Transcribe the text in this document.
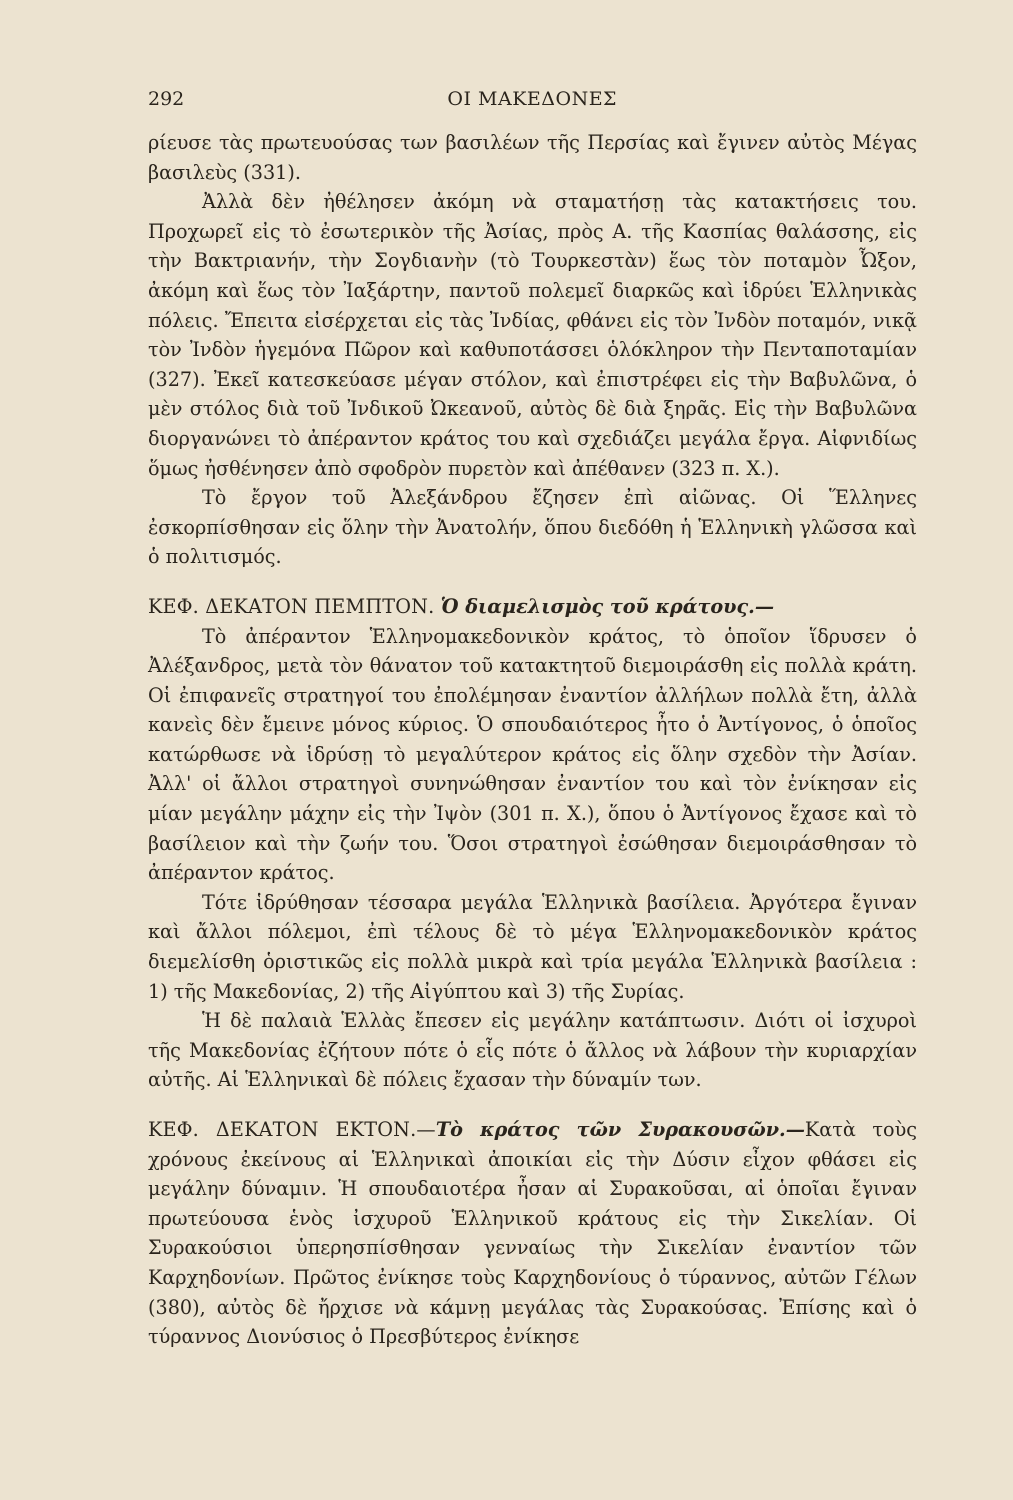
292	ΟΙ ΜΑΚΕΔΟΝΕΣ

ρίευσε τὰς πρωτευούσας των βασιλέων τῆς Περσίας καὶ ἔγινεν αὐτὸς Μέγας βασιλεὺς (331).

Ἀλλὰ δὲν ἠθέλησεν ἀκόμη νὰ σταματήσῃ τὰς κατακτήσεις του. Προχωρεῖ εἰς τὸ ἐσωτερικὸν τῆς Ἀσίας, πρὸς Α. τῆς Κασπίας θαλάσσης, εἰς τὴν Βακτριανήν, τὴν Σογδιανὴν (τὸ Τουρκεστὰν) ἕως τὸν ποταμὸν Ὦξον, ἀκόμη καὶ ἕως τὸν Ἰαξάρτην, παντοῦ πολεμεῖ διαρκῶς καὶ ἱδρύει Ἑλληνικὰς πόλεις. Ἔπειτα εἰσέρχεται εἰς τὰς Ἰνδίας, φθάνει εἰς τὸν Ἰνδὸν ποταμόν, νικᾷ τὸν Ἰνδὸν ἡγεμόνα Πῶρον καὶ καθυποτάσσει ὁλόκληρον τὴν Πενταποταμίαν (327). Ἐκεῖ κατεσκεύασε μέγαν στόλον, καὶ ἐπιστρέφει εἰς τὴν Βαβυλῶνα, ὁ μὲν στόλος διὰ τοῦ Ἰνδικοῦ Ὠκεανοῦ, αὐτὸς δὲ διὰ ξηρᾶς. Εἰς τὴν Βαβυλῶνα διοργανώνει τὸ ἀπέραντον κράτος του καὶ σχεδιάζει μεγάλα ἔργα. Αἰφνιδίως ὅμως ἠσθένησεν ἀπὸ σφοδρὸν πυρετὸν καὶ ἀπέθανεν (323 π. Χ.).

Τὸ ἔργον τοῦ Ἀλεξάνδρου ἔζησεν ἐπὶ αἰῶνας. Οἱ Ἕλληνες ἐσκορπίσθησαν εἰς ὅλην τὴν Ἀνατολήν, ὅπου διεδόθη ἡ Ἑλληνικὴ γλῶσσα καὶ ὁ πολιτισμός.

ΚΕΦ. ΔΕΚΑΤΟΝ ΠΕΜΠΤΟΝ. Ὁ διαμελισμὸς τοῦ κράτους.—

Τὸ ἀπέραντον Ἑλληνομακεδονικὸν κράτος, τὸ ὁποῖον ἵδρυσεν ὁ Ἀλέξανδρος, μετὰ τὸν θάνατον τοῦ κατακτητοῦ διεμοιράσθη εἰς πολλὰ κράτη. Οἱ ἐπιφανεῖς στρατηγοί του ἐπολέμησαν ἐναντίον ἀλλήλων πολλὰ ἔτη, ἀλλὰ κανεὶς δὲν ἔμεινε μόνος κύριος. Ὁ σπουδαιότερος ἦτο ὁ Ἀντίγονος, ὁ ὁποῖος κατώρθωσε νὰ ἱδρύσῃ τὸ μεγαλύτερον κράτος εἰς ὅλην σχεδὸν τὴν Ἀσίαν. Ἀλλ' οἱ ἄλλοι στρατηγοὶ συνηνώθησαν ἐναντίον του καὶ τὸν ἐνίκησαν εἰς μίαν μεγάλην μάχην εἰς τὴν Ἰψὸν (301 π. Χ.), ὅπου ὁ Ἀντίγονος ἔχασε καὶ τὸ βασίλειον καὶ τὴν ζωήν του. Ὅσοι στρατηγοὶ ἐσώθησαν διεμοιράσθησαν τὸ ἀπέραντον κράτος.

Τότε ἱδρύθησαν τέσσαρα μεγάλα Ἑλληνικὰ βασίλεια. Ἀργότερα ἔγιναν καὶ ἄλλοι πόλεμοι, ἐπὶ τέλους δὲ τὸ μέγα Ἑλληνομακεδονικὸν κράτος διεμελίσθη ὁριστικῶς εἰς πολλὰ μικρὰ καὶ τρία μεγάλα Ἑλληνικὰ βασίλεια : 1) τῆς Μακεδονίας, 2) τῆς Αἰγύπτου καὶ 3) τῆς Συρίας.

Ἡ δὲ παλαιὰ Ἑλλὰς ἔπεσεν εἰς μεγάλην κατάπτωσιν. Διότι οἱ ἰσχυροὶ τῆς Μακεδονίας ἐζήτουν πότε ὁ εἷς πότε ὁ ἄλλος νὰ λάβουν τὴν κυριαρχίαν αὐτῆς. Αἱ Ἑλληνικαὶ δὲ πόλεις ἔχασαν τὴν δύναμίν των.

ΚΕΦ. ΔΕΚΑΤΟΝ ΕΚΤΟΝ.—Τὸ κράτος τῶν Συρακουσῶν.—Κατὰ τοὺς χρόνους ἐκείνους αἱ Ἑλληνικαὶ ἀποικίαι εἰς τὴν Δύσιν εἶχον φθάσει εἰς μεγάλην δύναμιν. Ἡ σπουδαιοτέρα ἦσαν αἱ Συρακοῦσαι, αἱ ὁποῖαι ἔγιναν πρωτεύουσα ἑνὸς ἰσχυροῦ Ἑλληνικοῦ κράτους εἰς τὴν Σικελίαν. Οἱ Συρακούσιοι ὑπερησπίσθησαν γενναίως τὴν Σικελίαν ἐναντίον τῶν Καρχηδονίων. Πρῶτος ἐνίκησε τοὺς Καρχηδονίους ὁ τύραννος, αὐτῶν Γέλων (380), αὐτὸς δὲ ἤρχισε νὰ κάμνῃ μεγάλας τὰς Συρακούσας. Ἐπίσης καὶ ὁ τύραννος Διονύσιος ὁ Πρεσβύτερος ἐνίκησε
